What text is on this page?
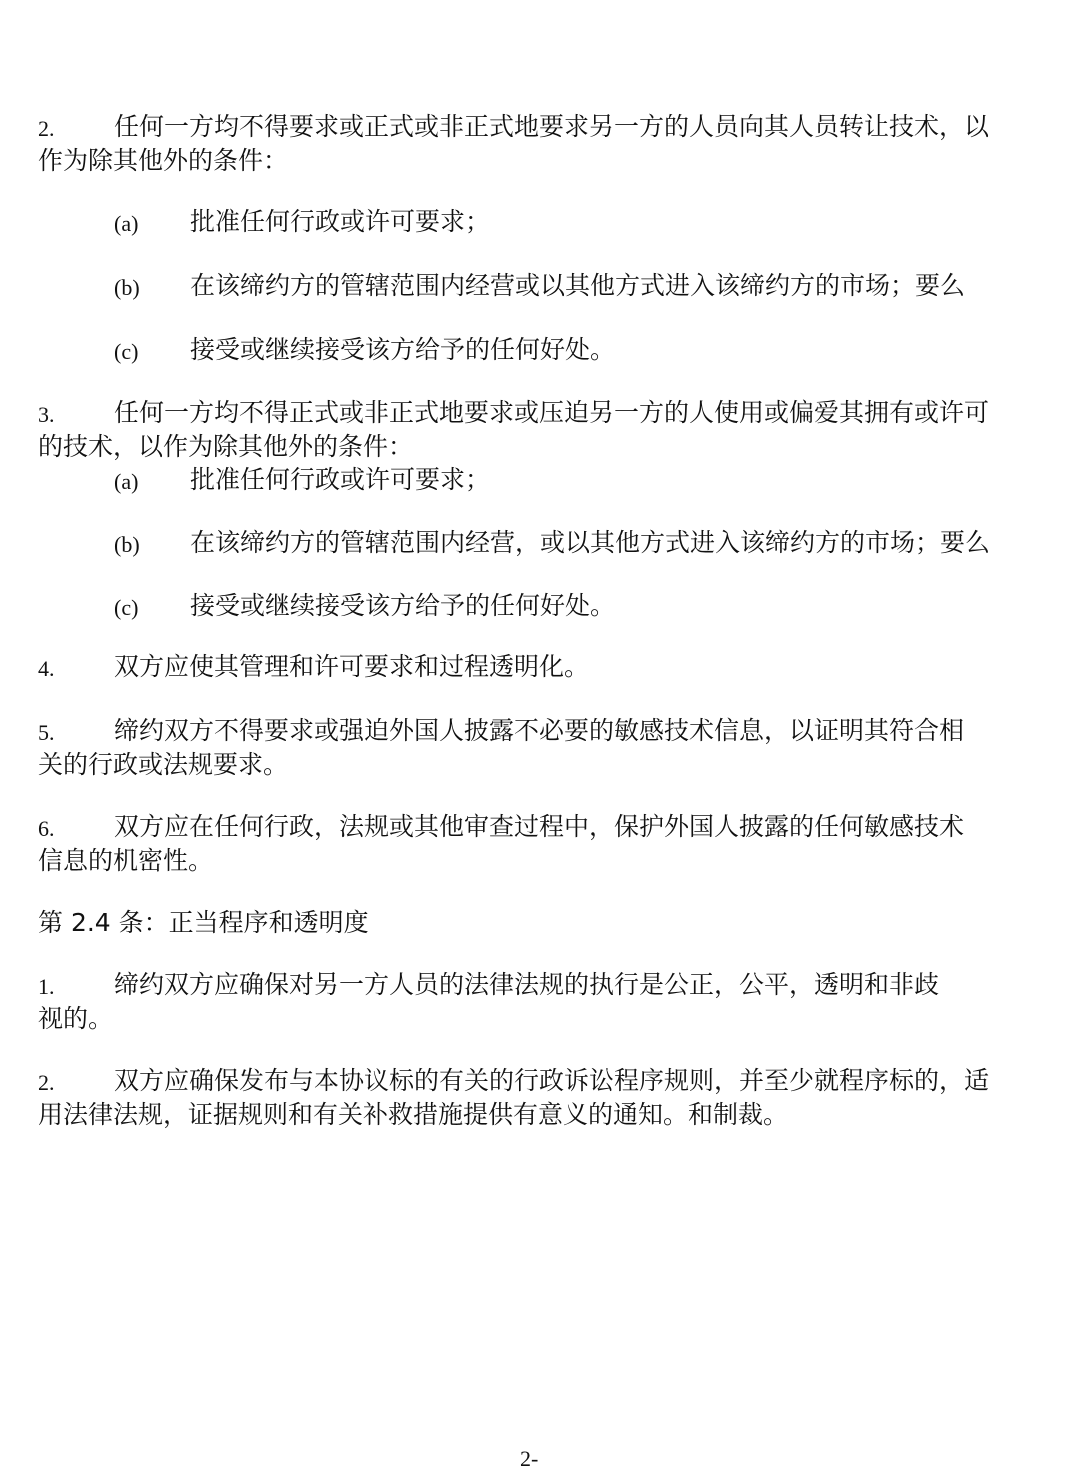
2. 任何一方均不得要求或正式或非正式地要求另一方的人员向其人员转让技术，以
作为除其他外的条件：
(a) 批准任何行政或许可要求；
(b) 在该缔约方的管辖范围内经营或以其他方式进入该缔约方的市场；要么
(c) 接受或继续接受该方给予的任何好处。
3. 任何一方均不得正式或非正式地要求或压迫另一方的人使用或偏爱其拥有或许可
的技术，以作为除其他外的条件：
(a) 批准任何行政或许可要求；
(b) 在该缔约方的管辖范围内经营，或以其他方式进入该缔约方的市场；要么
(c) 接受或继续接受该方给予的任何好处。
4. 双方应使其管理和许可要求和过程透明化。
5. 缔约双方不得要求或强迫外国人披露不必要的敏感技术信息，以证明其符合相
关的行政或法规要求。
6. 双方应在任何行政，法规或其他审查过程中，保护外国人披露的任何敏感技术
信息的机密性。
第 2.4 条：正当程序和透明度
1. 缔约双方应确保对另一方人员的法律法规的执行是公正，公平，透明和非歧
视的。
2. 双方应确保发布与本协议标的有关的行政诉讼程序规则，并至少就程序标的，适
用法律法规，证据规则和有关补救措施提供有意义的通知。和制裁。
2-
